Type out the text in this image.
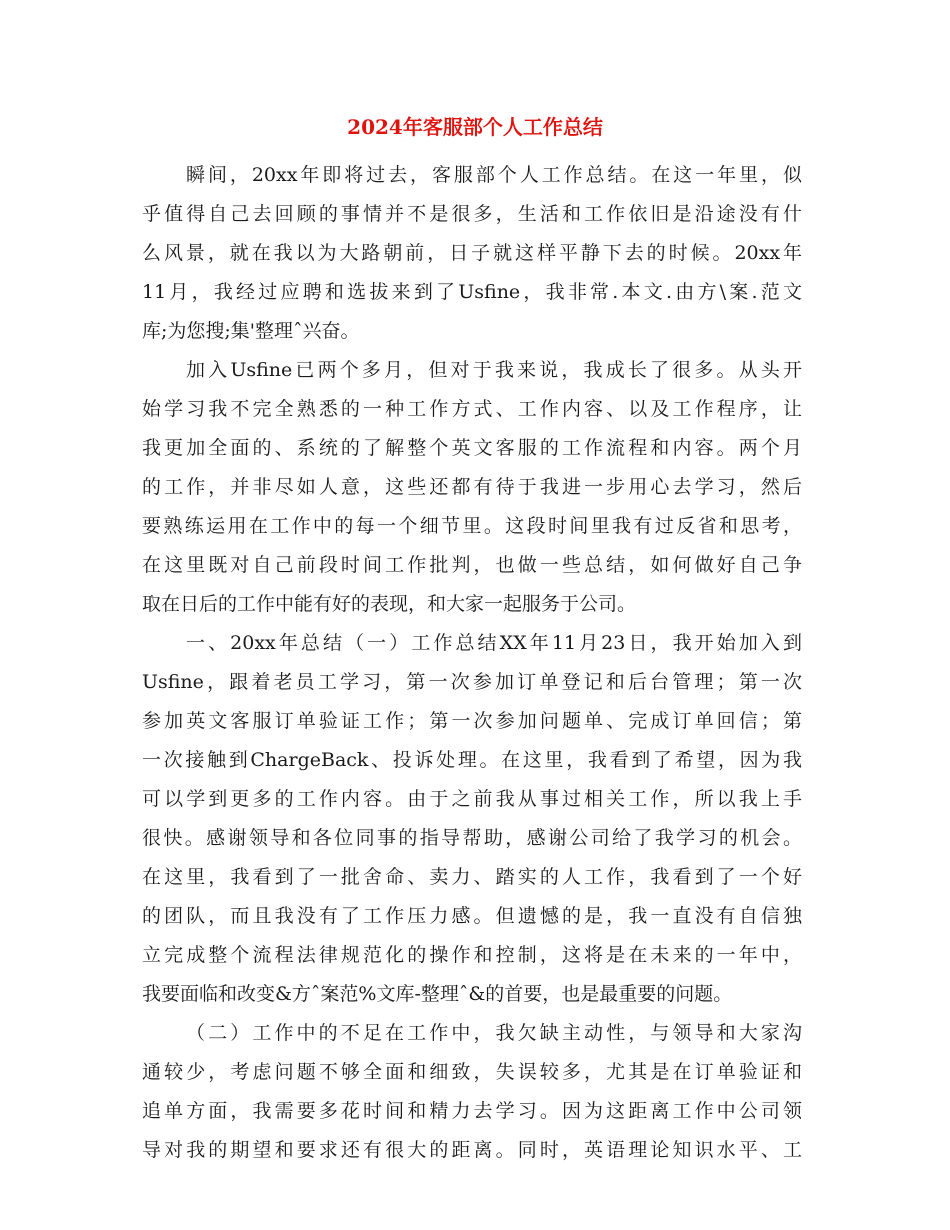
2024年客服部个人工作总结
瞬间，20xx年即将过去，客服部个人工作总结。在这一年里，似
乎值得自己去回顾的事情并不是很多，生活和工作依旧是沿途没有什
么风景，就在我以为大路朝前，日子就这样平静下去的时候。20xx年
11月，我经过应聘和选拔来到了Usfine，我非常.本文.由方\案.范文
库;为您搜;集'整理ˆ兴奋。
加入Usfine已两个多月，但对于我来说，我成长了很多。从头开
始学习我不完全熟悉的一种工作方式、工作内容、以及工作程序，让
我更加全面的、系统的了解整个英文客服的工作流程和内容。两个月
的工作，并非尽如人意，这些还都有待于我进一步用心去学习，然后
要熟练运用在工作中的每一个细节里。这段时间里我有过反省和思考，
在这里既对自己前段时间工作批判，也做一些总结，如何做好自己争
取在日后的工作中能有好的表现，和大家一起服务于公司。
一、20xx年总结（一）工作总结XX年11月23日，我开始加入到
Usfine，跟着老员工学习，第一次参加订单登记和后台管理；第一次
参加英文客服订单验证工作；第一次参加问题单、完成订单回信；第
一次接触到ChargeBack、投诉处理。在这里，我看到了希望，因为我
可以学到更多的工作内容。由于之前我从事过相关工作，所以我上手
很快。感谢领导和各位同事的指导帮助，感谢公司给了我学习的机会。
在这里，我看到了一批舍命、卖力、踏实的人工作，我看到了一个好
的团队，而且我没有了工作压力感。但遗憾的是，我一直没有自信独
立完成整个流程法律规范化的操作和控制，这将是在未来的一年中，
我要面临和改变&方ˆ案范%文库-整理ˆ&的首要，也是最重要的问题。
（二）工作中的不足在工作中，我欠缺主动性，与领导和大家沟
通较少，考虑问题不够全面和细致，失误较多，尤其是在订单验证和
追单方面，我需要多花时间和精力去学习。因为这距离工作中公司领
导对我的期望和要求还有很大的距离。同时，英语理论知识水平、工
